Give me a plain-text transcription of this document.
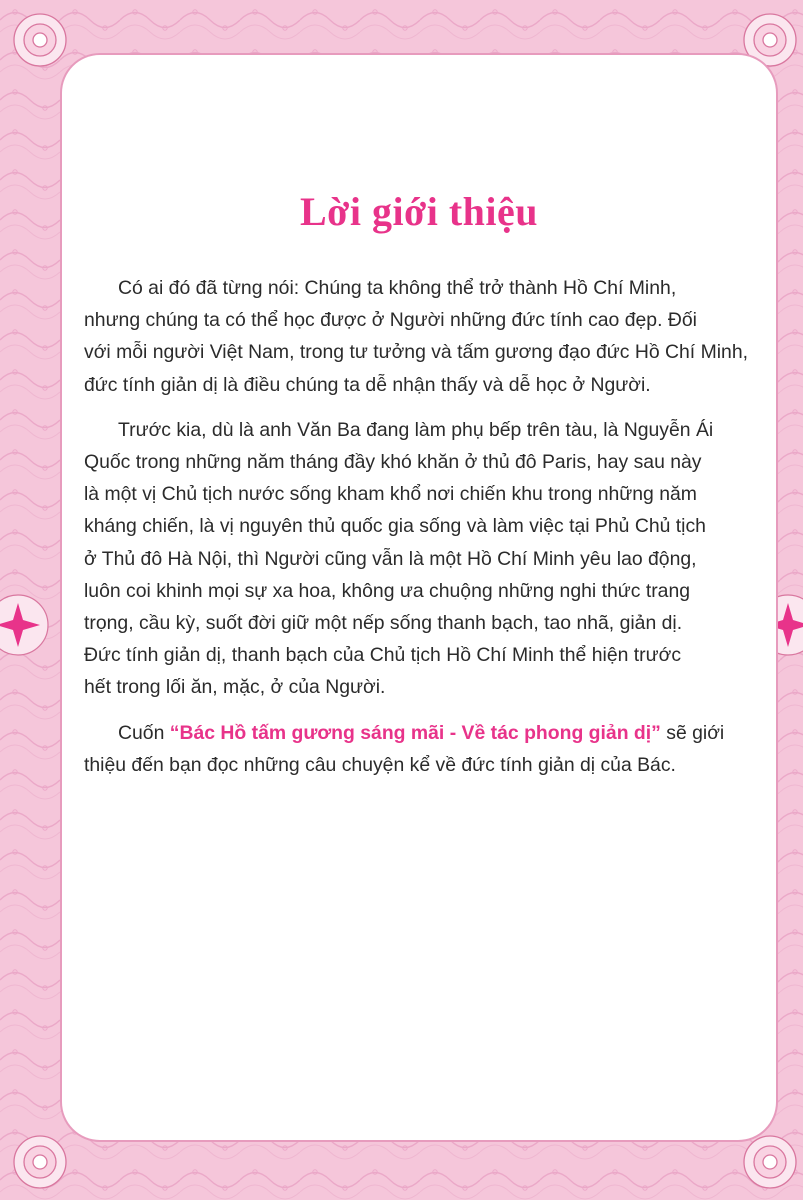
Lời giới thiệu

Có ai đó đã từng nói: Chúng ta không thể trở thành Hồ Chí Minh,
nhưng chúng ta có thể học được ở Người những đức tính cao đẹp. Đối
với mỗi người Việt Nam, trong tư tưởng và tấm gương đạo đức Hồ Chí Minh,
đức tính giản dị là điều chúng ta dễ nhận thấy và dễ học ở Người.

Trước kia, dù là anh Văn Ba đang làm phụ bếp trên tàu, là Nguyễn Ái
Quốc trong những năm tháng đầy khó khăn ở thủ đô Paris, hay sau này
là một vị Chủ tịch nước sống kham khổ nơi chiến khu trong những năm
kháng chiến, là vị nguyên thủ quốc gia sống và làm việc tại Phủ Chủ tịch
ở Thủ đô Hà Nội, thì Người cũng vẫn là một Hồ Chí Minh yêu lao động,
luôn coi khinh mọi sự xa hoa, không ưa chuộng những nghi thức trang
trọng, cầu kỳ, suốt đời giữ một nếp sống thanh bạch, tao nhã, giản dị.
Đức tính giản dị, thanh bạch của Chủ tịch Hồ Chí Minh thể hiện trước
hết trong lối ăn, mặc, ở của Người.

Cuốn “Bác Hồ tấm gương sáng mãi - Về tác phong giản dị” sẽ giới
thiệu đến bạn đọc những câu chuyện kể về đức tính giản dị của Bác.
